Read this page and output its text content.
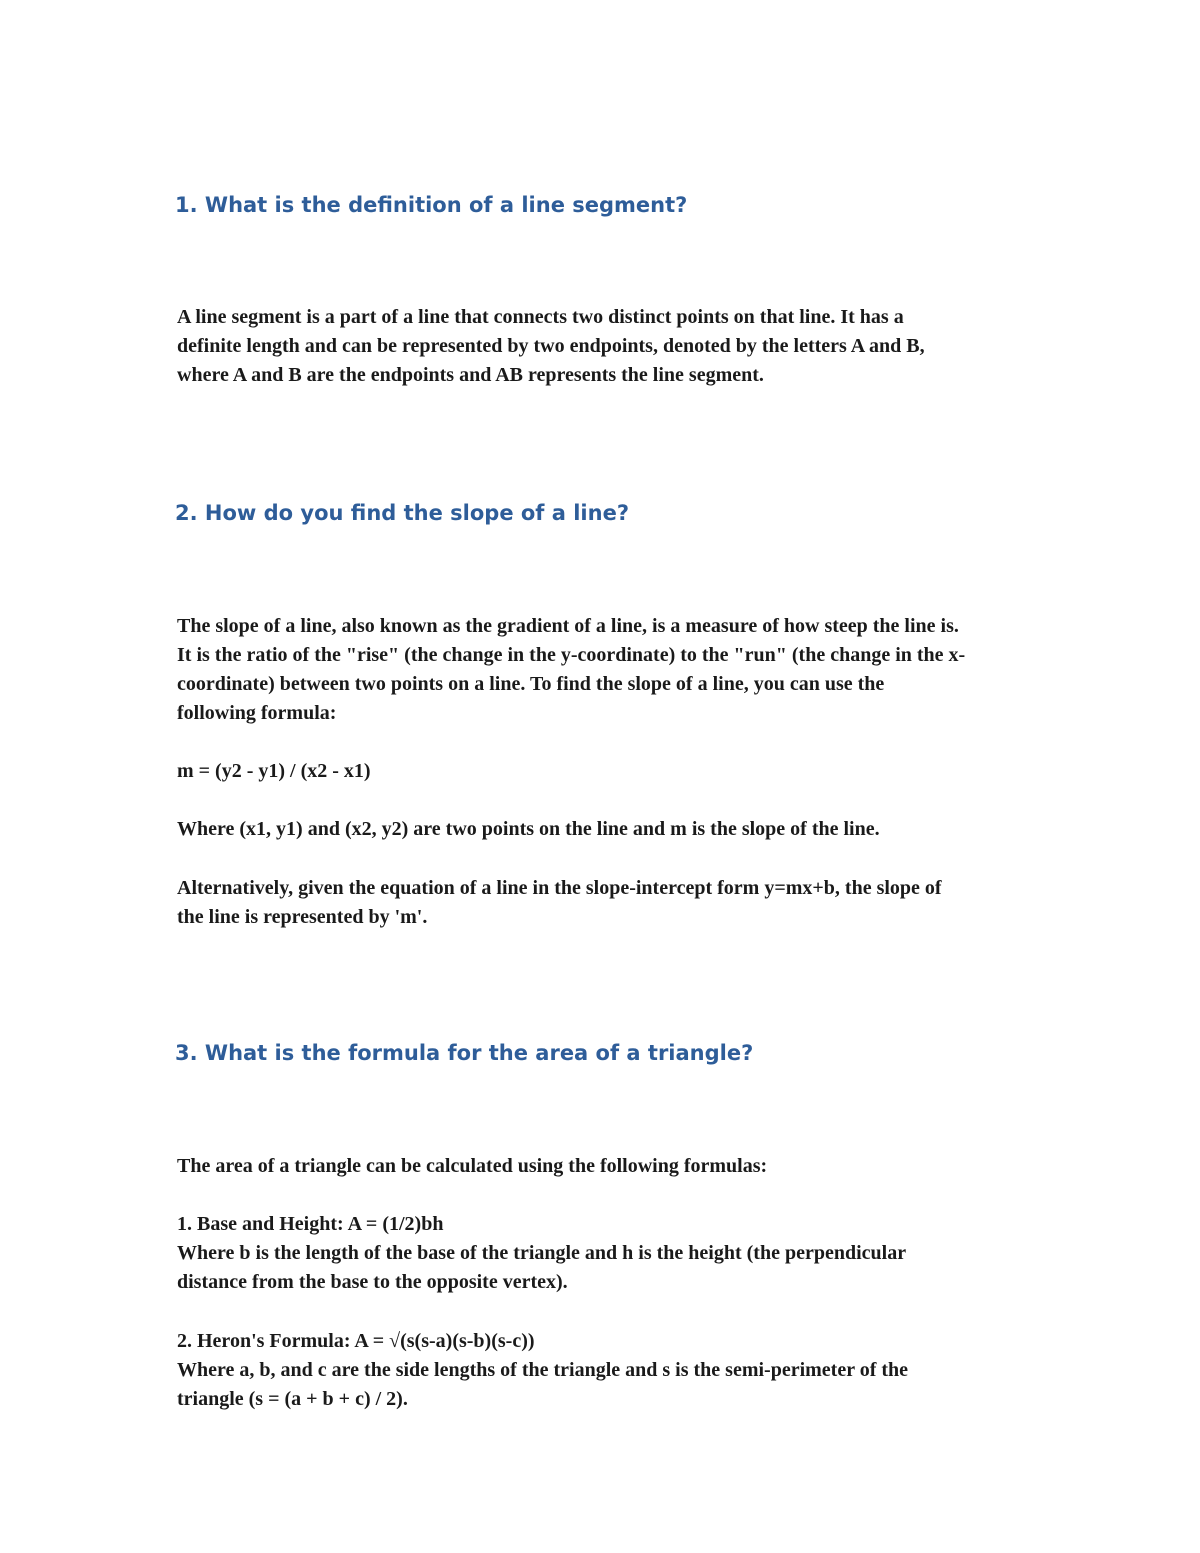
1. What is the definition of a line segment?

A line segment is a part of a line that connects two distinct points on that line. It has a
definite length and can be represented by two endpoints, denoted by the letters A and B,
where A and B are the endpoints and AB represents the line segment.

2. How do you find the slope of a line?

The slope of a line, also known as the gradient of a line, is a measure of how steep the line is.
It is the ratio of the "rise" (the change in the y-coordinate) to the "run" (the change in the x-
coordinate) between two points on a line. To find the slope of a line, you can use the
following formula:

m = (y2 - y1) / (x2 - x1)

Where (x1, y1) and (x2, y2) are two points on the line and m is the slope of the line.

Alternatively, given the equation of a line in the slope-intercept form y=mx+b, the slope of
the line is represented by 'm'.

3. What is the formula for the area of a triangle?

The area of a triangle can be calculated using the following formulas:

1. Base and Height: A = (1/2)bh
Where b is the length of the base of the triangle and h is the height (the perpendicular
distance from the base to the opposite vertex).

2. Heron's Formula: A = √(s(s-a)(s-b)(s-c))
Where a, b, and c are the side lengths of the triangle and s is the semi-perimeter of the
triangle (s = (a + b + c) / 2).
